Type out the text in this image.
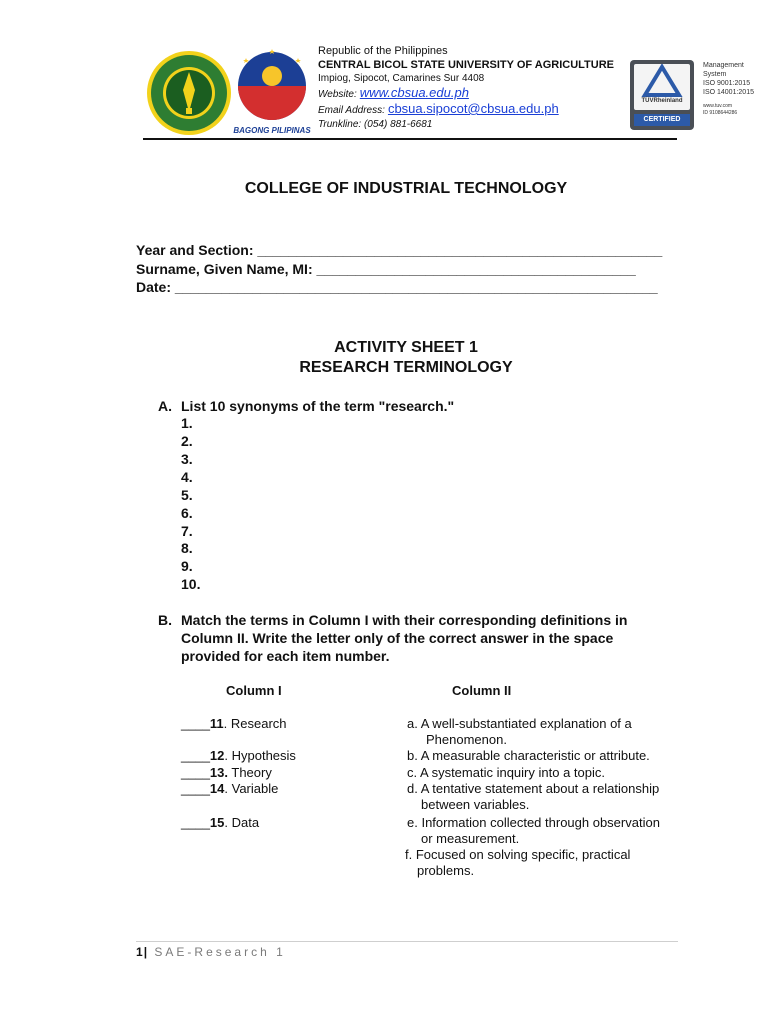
BAGONG PILIPINAS
Republic of the Philippines
CENTRAL BICOL STATE UNIVERSITY OF AGRICULTURE
Impiog, Sipocot, Camarines Sur 4408
Website: www.cbsua.edu.ph
Email Address: cbsua.sipocot@cbsua.edu.ph
Trunkline: (054) 881-6681
TÜVRheinland
CERTIFIED
Management System
ISO 9001:2015
ISO 14001:2015
www.tuv.com
ID 9108644286
COLLEGE OF INDUSTRIAL TECHNOLOGY
Year and Section: ____________________________________________________
Surname, Given Name, MI: _________________________________________
Date: ______________________________________________________________
ACTIVITY SHEET 1
RESEARCH TERMINOLOGY
A. List 10 synonyms of the term "research."
1.
2.
3.
4.
5.
6.
7.
8.
9.
10.
B. Match the terms in Column I with their corresponding definitions in
Column II. Write the letter only of the correct answer in the space
provided for each item number.
Column I	Column II
____11. Research
____12. Hypothesis
____13. Theory
____14. Variable
____15. Data
a. A well-substantiated explanation of a
Phenomenon.
b. A measurable characteristic or attribute.
c. A systematic inquiry into a topic.
d. A tentative statement about a relationship
between variables.
e. Information collected through observation
or measurement.
f. Focused on solving specific, practical
problems.
1| SAE-Research 1
